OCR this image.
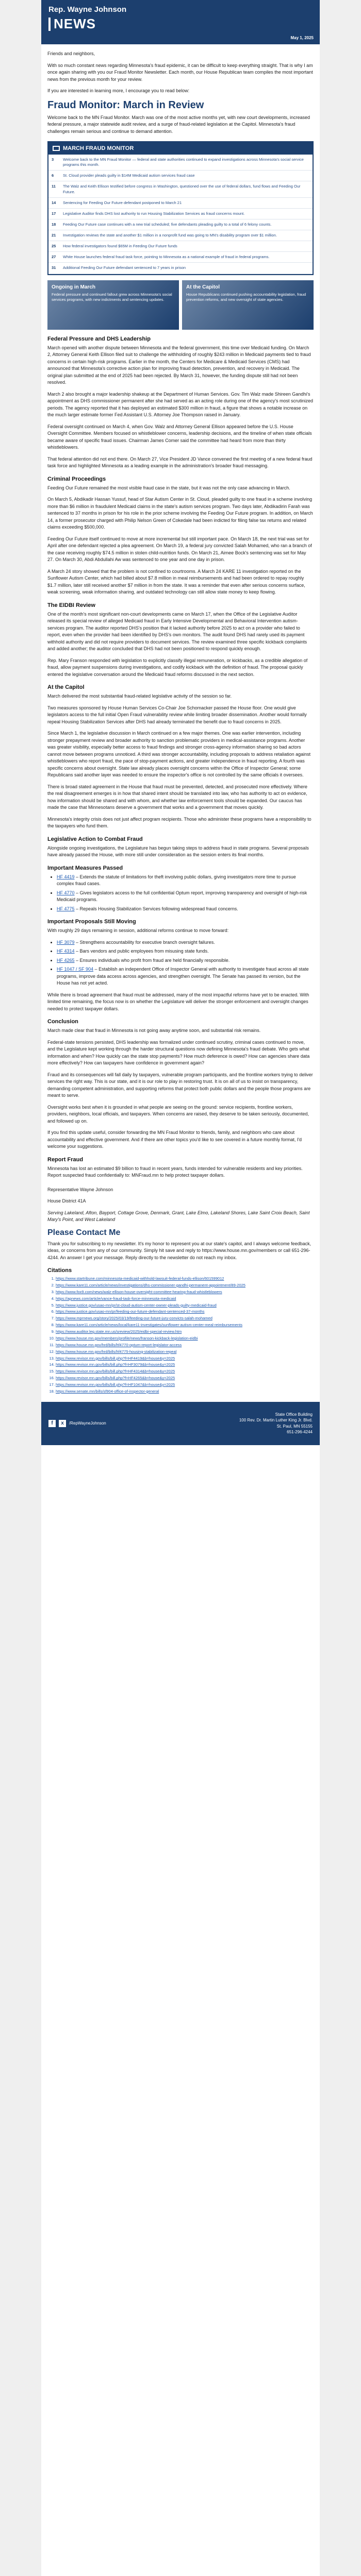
Rep. Wayne Johnson
NEWS
May 1, 2025

Friends and neighbors,

With so much constant news regarding Minnesota's fraud epidemic, it can be difficult to keep everything straight. That is why I am once again sharing with you our Fraud Monitor Newsletter. Each month, our House Republican team compiles the most important news from the previous month for your review.

If you are interested in learning more, I encourage you to read below:

Fraud Monitor: March in Review

Welcome back to the MN Fraud Monitor. March was one of the most active months yet, with new court developments, increased federal pressure, a major statewide audit review, and a surge of fraud-related legislation at the Capitol. Minnesota's fraud challenges remain serious and continue to demand attention.

MARCH FRAUD MONITOR
3	Welcome back to the MN Fraud Monitor — federal and state authorities continued to expand investigations across Minnesota's social service programs this month.
6	St. Cloud provider pleads guilty in $14M Medicaid autism services fraud case
11	The Walz and Keith Ellison testified before congress in Washington, questioned over the use of federal dollars, fund flows and Feeding Our Future.
14	Sentencing for Feeding Our Future defendant postponed to March 21
17	Legislative Auditor finds DHS lost authority to run Housing Stabilization Services as fraud concerns mount.
18	Feeding Our Future case continues with a new trial scheduled; five defendants pleading guilty to a total of 6 felony counts.
21	Investigation reviews the state and another $1 million in a nonprofit fund was going to MN's disability program over $1 million.
25	How federal investigators found $65M in Feeding Our Future funds
27	White House launches federal fraud task force, pointing to Minnesota as a national example of fraud in federal programs.
31	Additional Feeding Our Future defendant sentenced to 7 years in prison
Ongoing in March
Federal pressure and continued fallout grew across Minnesota's social services programs, with new indictments and sentencing updates.
At the Capitol
House Republicans continued pushing accountability legislation, fraud prevention reforms, and new oversight of state agencies.
Federal Pressure and DHS Leadership

March opened with another dispute between Minnesota and the federal government, this time over Medicaid funding. On March 2, Attorney General Keith Ellison filed suit to challenge the withholding of roughly $243 million in Medicaid payments tied to fraud concerns in certain high-risk programs. Earlier in the month, the Centers for Medicare & Medicaid Services (CMS) had announced that Minnesota's corrective action plan for improving fraud detection, prevention, and recovery in Medicaid. The original plan submitted at the end of 2025 had been rejected. By March 31, however, the funding dispute still had not been resolved.

March 2 also brought a major leadership shakeup at the Department of Human Services. Gov. Tim Walz made Shireen Gandhi's appointment as DHS commissioner permanent after she had served as an acting role during one of the agency's most scrutinized periods. The agency reported that it has deployed an estimated $300 million in fraud, a figure that shows a notable increase on the much larger estimate former Fed Assistant U.S. Attorney Joe Thompson raised in January.

Federal oversight continued on March 4, when Gov. Walz and Attorney General Ellison appeared before the U.S. House Oversight Committee. Members focused on whistleblower concerns, leadership decisions, and the timeline of when state officials became aware of specific fraud issues. Chairman James Comer said the committee had heard from more than thirty whistleblowers.

That federal attention did not end there. On March 27, Vice President JD Vance convened the first meeting of a new federal fraud task force and highlighted Minnesota as a leading example in the administration's broader fraud messaging.

Criminal Proceedings

Feeding Our Future remained the most visible fraud case in the state, but it was not the only case advancing in March.

On March 5, Abdikadir Hassan Yussuf, head of Star Autism Center in St. Cloud, pleaded guilty to one fraud in a scheme involving more than $6 million in fraudulent Medicaid claims in the state's autism services program. Two days later, Abdikadirin Farah was sentenced to 37 months in prison for his role in the prior scheme involving the Feeding Our Future program. In addition, on March 14, a former prosecutor charged with Philip Nelson Green of Cokedale had been indicted for filing false tax returns and related claims exceeding $500,000.

Feeding Our Future itself continued to move at more incremental but still important pace. On March 18, the next trial was set for April after one defendant rejected a plea agreement. On March 19, a federal jury convicted Salah Mohamed, who ran a branch of the case receiving roughly $74.5 million in stolen child-nutrition funds. On March 21, Aimee Bock's sentencing was set for May 27. On March 30, Abdi Abdullahi Aw was sentenced to one year and one day in prison.

A March 24 story showed that the problem is not confined to courtrooms. A March 24 KARE 11 investigation reported on the Sunflower Autism Center, which had billed about $7.8 million in meal reimbursements and had been ordered to repay roughly $1.7 million, later still received another $7 million in from the state. It was a reminder that even after serious concerns surface, weak screening, weak information sharing, and outdated technology can still allow state money to keep flowing.

The EIDBI Review

One of the month's most significant non-court developments came on March 17, when the Office of the Legislative Auditor released its special review of alleged Medicaid fraud in Early Intensive Developmental and Behavioral Intervention autism-services program. The auditor reported DHS's position that it lacked authority before 2025 to act on a provider who failed to report, even when the provider had been identified by DHS's own monitors. The audit found DHS had rarely used its payment withhold authority and did not require providers to document services. The review examined three specific kickback complaints and added another; the auditor concluded that DHS had not been positioned to respond quickly enough.

Rep. Mary Franson responded with legislation to explicitly classify illegal remuneration, or kickbacks, as a credible allegation of fraud, allow payment suspensions during investigations, and codify kickback with the definition of fraud. The proposal quickly entered the legislative conversation around the Medicaid fraud reforms discussed in the next section.

At the Capitol

March delivered the most substantial fraud-related legislative activity of the session so far.

Two measures sponsored by House Human Services Co-Chair Joe Schomacker passed the House floor. One would give legislators access to the full initial Open Fraud vulnerability review while limiting broader dissemination. Another would formally repeal Housing Stabilization Services after DHS had already terminated the benefit due to fraud concerns in 2025.

Since March 1, the legislative discussion in March continued on a few major themes. One was earlier intervention, including stronger prepayment review and broader authority to sanction problematic providers in medical-assistance programs. Another was greater visibility, especially better access to fraud findings and stronger cross-agency information sharing so bad actors cannot move between programs unnoticed. A third was stronger accountability, including proposals to address retaliation against whistleblowers who report fraud, the pace of stop-payment actions, and greater independence in fraud reporting. A fourth was specific concerns about oversight. State law already places oversight concerns within the Office of Inspector General; some Republicans said another layer was needed to ensure the inspector's office is not controlled by the same officials it oversees.

There is broad stated agreement in the House that fraud must be prevented, detected, and prosecuted more effectively. Where the real disagreement emerges is in how that shared intent should be translated into law, who has authority to act on evidence, how information should be shared and with whom, and whether law enforcement tools should be expanded. Our caucus has made the case that Minnesotans deserve a government that works and a government that moves quickly.

Minnesota's integrity crisis does not just affect program recipients. Those who administer these programs have a responsibility to the taxpayers who fund them.

Legislative Action to Combat Fraud

Alongside ongoing investigations, the Legislature has begun taking steps to address fraud in state programs. Several proposals have already passed the House, with more still under consideration as the session enters its final months.

Important Measures Passed
• HF 4419 – Extends the statute of limitations for theft involving public dollars, giving investigators more time to pursue complex fraud cases.
• HF 4770 – Gives legislators access to the full confidential Optum report, improving transparency and oversight of high-risk Medicaid programs.
• HF 4775 – Repeals Housing Stabilization Services following widespread fraud concerns.
Important Proposals Still Moving

With roughly 29 days remaining in session, additional reforms continue to move forward:

• HF 3079 – Strengthens accountability for executive branch oversight failures.
• HF 4314 – Bars vendors and public employees from misusing state funds.
• HF 4265 – Ensures individuals who profit from fraud are held financially responsible.
• HF 1047 / SF 904 – Establish an independent Office of Inspector General with authority to investigate fraud across all state programs, improve data access across agencies, and strengthen oversight. The Senate has passed its version, but the House has not yet acted.

While there is broad agreement that fraud must be addressed, many of the most impactful reforms have yet to be enacted. With limited time remaining, the focus now is on whether the Legislature will deliver the stronger enforcement and oversight changes needed to protect taxpayer dollars.

Conclusion

March made clear that fraud in Minnesota is not going away anytime soon, and substantial risk remains.

Federal-state tensions persisted, DHS leadership was formalized under continued scrutiny, criminal cases continued to move, and the Legislature kept working through the harder structural questions now defining Minnesota's fraud debate. Who gets what information and when? How quickly can the state stop payments? How much deference is owed? How can agencies share data more effectively? How can taxpayers have confidence in government again?

Fraud and its consequences will fall daily by taxpayers, vulnerable program participants, and the frontline workers trying to deliver services the right way. This is our state, and it is our role to play in restoring trust. It is on all of us to insist on transparency, demanding competent administration, and supporting reforms that protect both public dollars and the people those programs are meant to serve.

Oversight works best when it is grounded in what people are seeing on the ground: service recipients, frontline workers, providers, neighbors, local officials, and taxpayers. When concerns are raised, they deserve to be taken seriously, documented, and followed up on.

If you find this update useful, consider forwarding the MN Fraud Monitor to friends, family, and neighbors who care about accountability and effective government. And if there are other topics you'd like to see covered in a future monthly format, I'd welcome your suggestions.

Report Fraud

Minnesota has lost an estimated $9 billion to fraud in recent years, funds intended for vulnerable residents and key priorities. Report suspected fraud confidentially to: MNFraud.mn to help protect taxpayer dollars.

Representative Wayne Johnson

House District 41A

Serving Lakeland, Afton, Bayport, Cottage Grove, Denmark, Grant, Lake Elmo, Lakeland Shores, Lake Saint Croix Beach, Saint Mary's Point, and West Lakeland

Please Contact Me

Thank you for subscribing to my newsletter. It's my honor to represent you at our state's capitol, and I always welcome feedback, ideas, or concerns from any of our community. Simply hit save and reply to https://www.house.mn.gov/members or call 651-296-4244. An answer I get your message. Reply directly to the newsletter do not reach my inbox.

Citations
1. https://www.startribune.com/minnesota-medicaid-withhold-lawsuit-federal-funds-ellison/601599012
2. https://www.kare11.com/article/news/investigations/dhs-commissioner-gandhi-permanent-appointment/89-2025
3. https://www.fox9.com/news/walz-ellison-house-oversight-committee-hearing-fraud-whistleblowers
4. https://apnews.com/article/vance-fraud-task-force-minnesota-medicaid
5. https://www.justice.gov/usao-mn/pr/st-cloud-autism-center-owner-pleads-guilty-medicaid-fraud
6. https://www.justice.gov/usao-mn/pr/feeding-our-future-defendant-sentenced-37-months
7. https://www.mprnews.org/story/2025/03/19/feeding-our-future-jury-convicts-salah-mohamed
8. https://www.kare11.com/article/news/local/kare11-investigates/sunflower-autism-center-meal-reimbursements
9. https://www.auditor.leg.state.mn.us/sreview/2025/eidbi-special-review.htm
10. https://www.house.mn.gov/members/profile/news/franson-kickback-legislation-eidbi
11. https://www.house.mn.gov/hrd/bills/hf4770-optum-report-legislator-access
12. https://www.house.mn.gov/hrd/bills/hf4775-housing-stabilization-repeal
13. https://www.revisor.mn.gov/bills/bill.php?f=HF4419&b=house&y=2025
14. https://www.revisor.mn.gov/bills/bill.php?f=HF3079&b=house&y=2025
15. https://www.revisor.mn.gov/bills/bill.php?f=HF4314&b=house&y=2025
16. https://www.revisor.mn.gov/bills/bill.php?f=HF4265&b=house&y=2025
17. https://www.revisor.mn.gov/bills/bill.php?f=HF1047&b=house&y=2025
18. https://www.senate.mn/bills/sf904-office-of-inspector-general
f	x	/RepWayneJohnson
State Office Building
100 Rev. Dr. Martin Luther King Jr. Blvd.
St. Paul, MN 55155
651-296-4244
